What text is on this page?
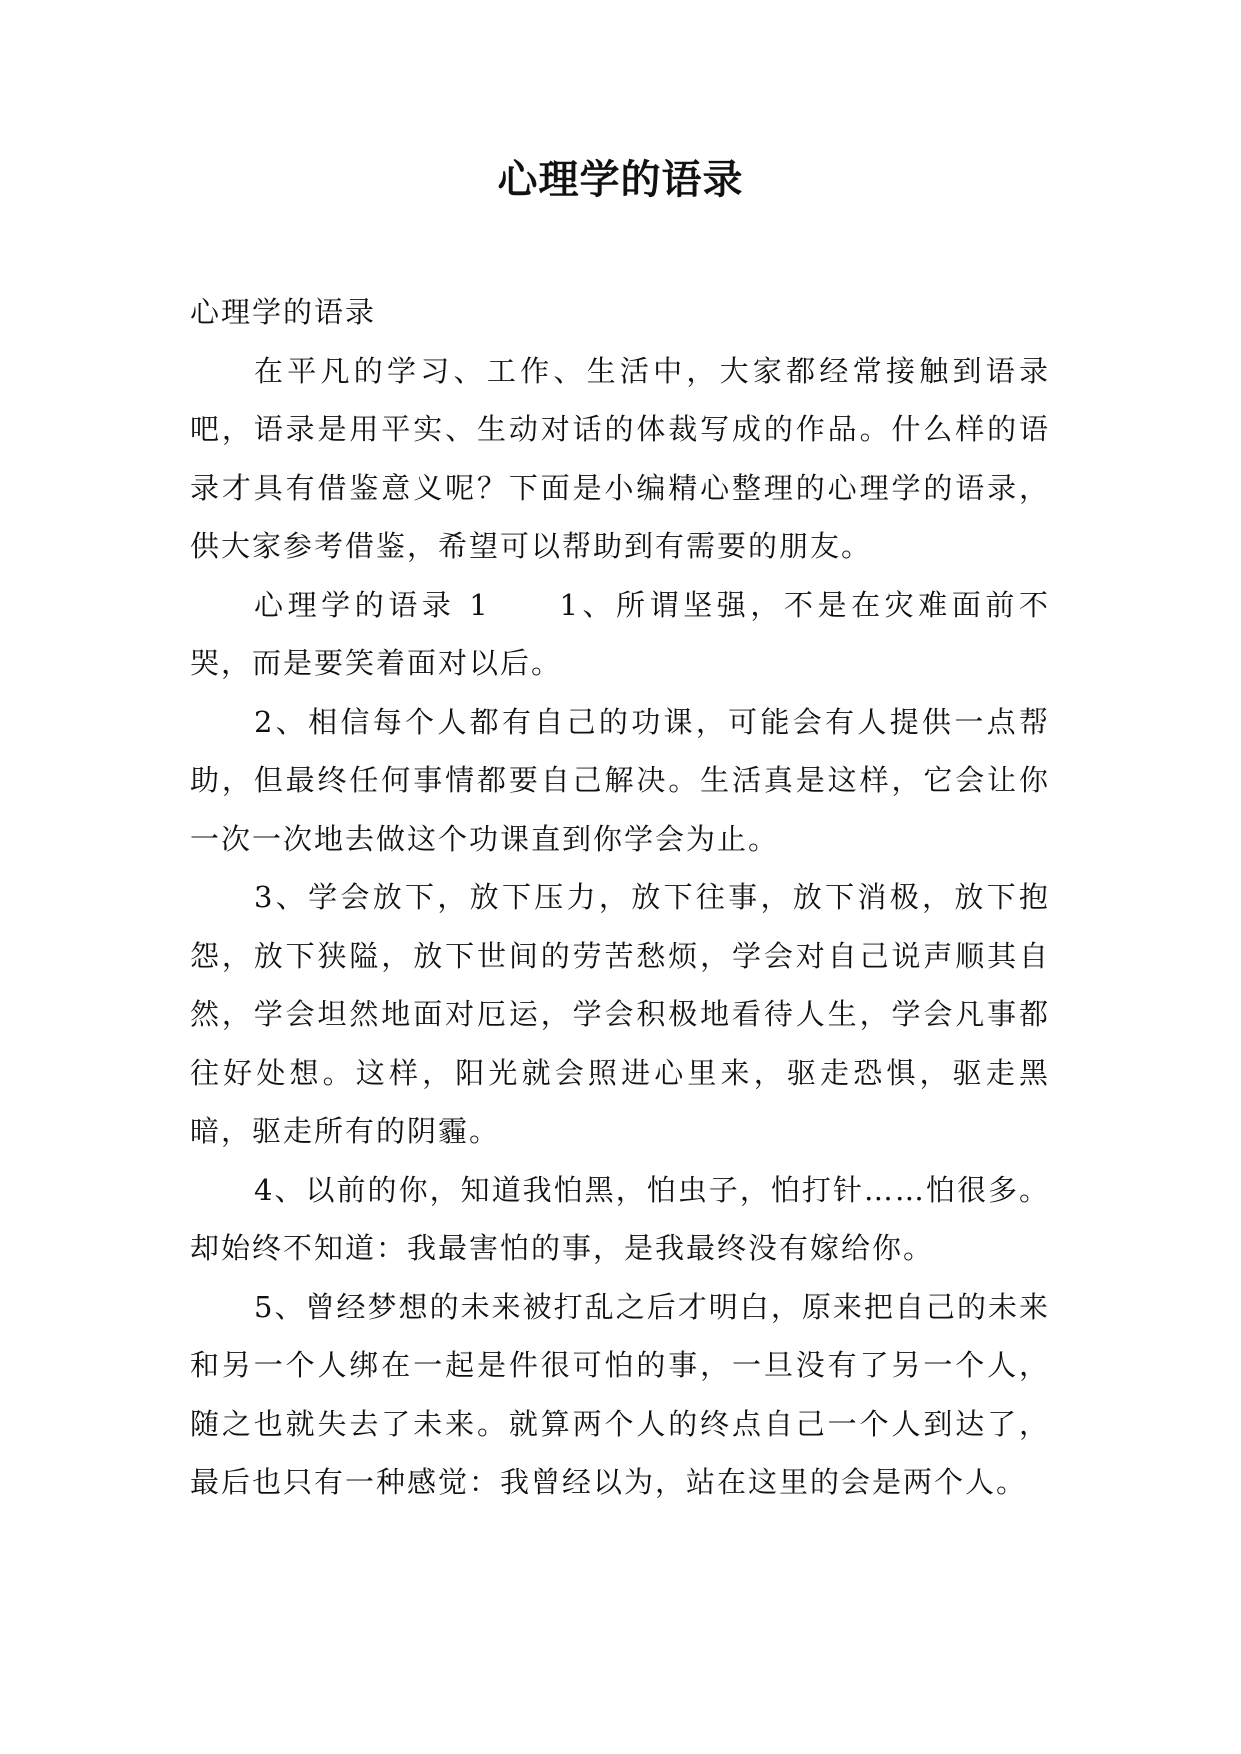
心理学的语录

心理学的语录

在平凡的学习、工作、生活中，大家都经常接触到语录吧，语录是用平实、生动对话的体裁写成的作品。什么样的语录才具有借鉴意义呢？下面是小编精心整理的心理学的语录，供大家参考借鉴，希望可以帮助到有需要的朋友。

心理学的语录 1　　1、所谓坚强，不是在灾难面前不哭，而是要笑着面对以后。

2、相信每个人都有自己的功课，可能会有人提供一点帮助，但最终任何事情都要自己解决。生活真是这样，它会让你一次一次地去做这个功课直到你学会为止。

3、学会放下，放下压力，放下往事，放下消极，放下抱怨，放下狭隘，放下世间的劳苦愁烦，学会对自己说声顺其自然，学会坦然地面对厄运，学会积极地看待人生，学会凡事都往好处想。这样，阳光就会照进心里来，驱走恐惧，驱走黑暗，驱走所有的阴霾。

4、以前的你，知道我怕黑，怕虫子，怕打针……怕很多。却始终不知道：我最害怕的事，是我最终没有嫁给你。

5、曾经梦想的未来被打乱之后才明白，原来把自己的未来和另一个人绑在一起是件很可怕的事，一旦没有了另一个人，随之也就失去了未来。就算两个人的终点自己一个人到达了，最后也只有一种感觉：我曾经以为，站在这里的会是两个人。
